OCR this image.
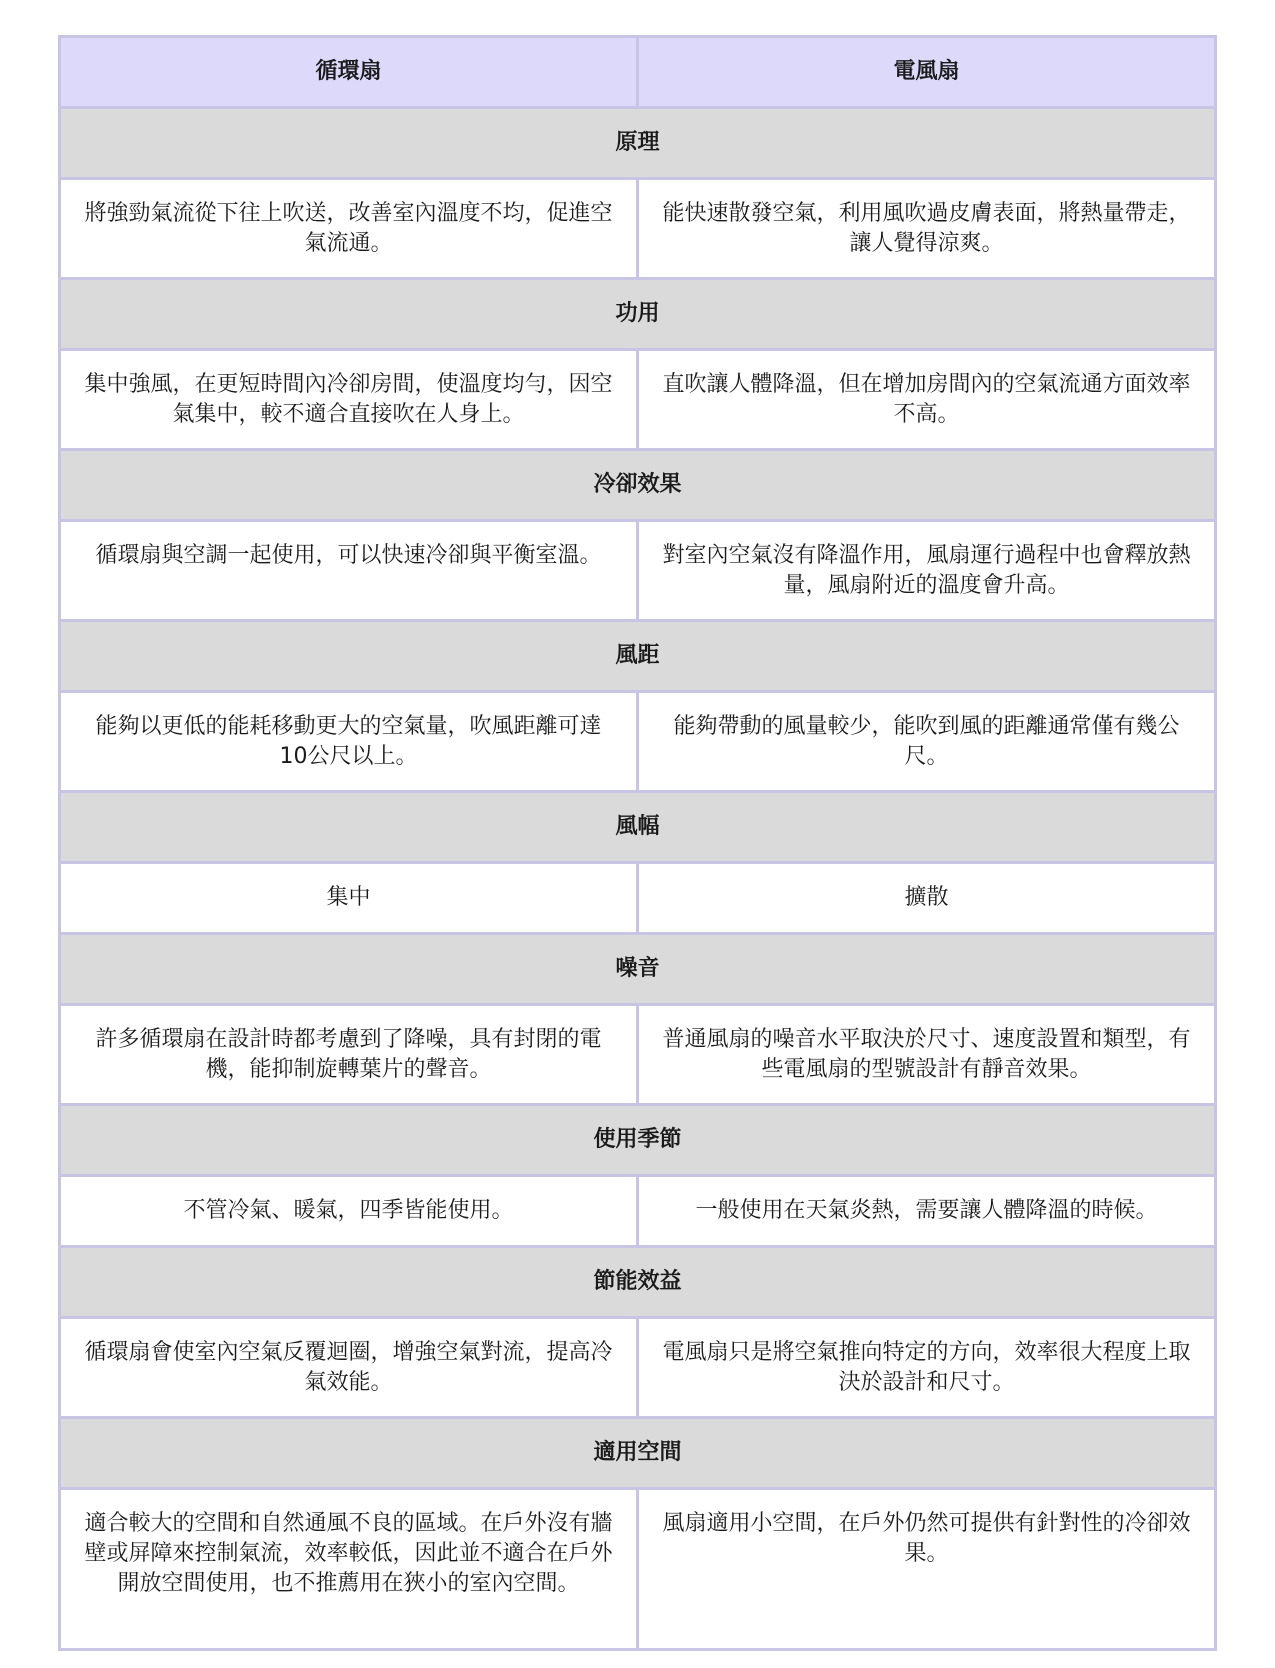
循環扇	電風扇
原理	
將強勁氣流從下往上吹送，改善室內溫度不均，促進空氣流通。	能快速散發空氣，利用風吹過皮膚表面，將熱量帶走，讓人覺得涼爽。
功用	
集中強風，在更短時間內冷卻房間，使溫度均勻，因空氣集中，較不適合直接吹在人身上。	直吹讓人體降溫，但在增加房間內的空氣流通方面效率不高。
冷卻效果	
循環扇與空調一起使用，可以快速冷卻與平衡室溫。	對室內空氣沒有降溫作用，風扇運行過程中也會釋放熱量，風扇附近的溫度會升高。
風距	
能夠以更低的能耗移動更大的空氣量，吹風距離可達10公尺以上。	能夠帶動的風量較少，能吹到風的距離通常僅有幾公尺。
風幅	
集中	擴散
噪音	
許多循環扇在設計時都考慮到了降噪，具有封閉的電機，能抑制旋轉葉片的聲音。	普通風扇的噪音水平取決於尺寸、速度設置和類型，有些電風扇的型號設計有靜音效果。
使用季節	
不管冷氣、暖氣，四季皆能使用。	一般使用在天氣炎熱，需要讓人體降溫的時候。
節能效益	
循環扇會使室內空氣反覆迴圈，增強空氣對流，提高冷氣效能。	電風扇只是將空氣推向特定的方向，效率很大程度上取決於設計和尺寸。
適用空間	
適合較大的空間和自然通風不良的區域。在戶外沒有牆壁或屏障來控制氣流，效率較低，因此並不適合在戶外開放空間使用，也不推薦用在狹小的室內空間。	風扇適用小空間，在戶外仍然可提供有針對性的冷卻效果。
